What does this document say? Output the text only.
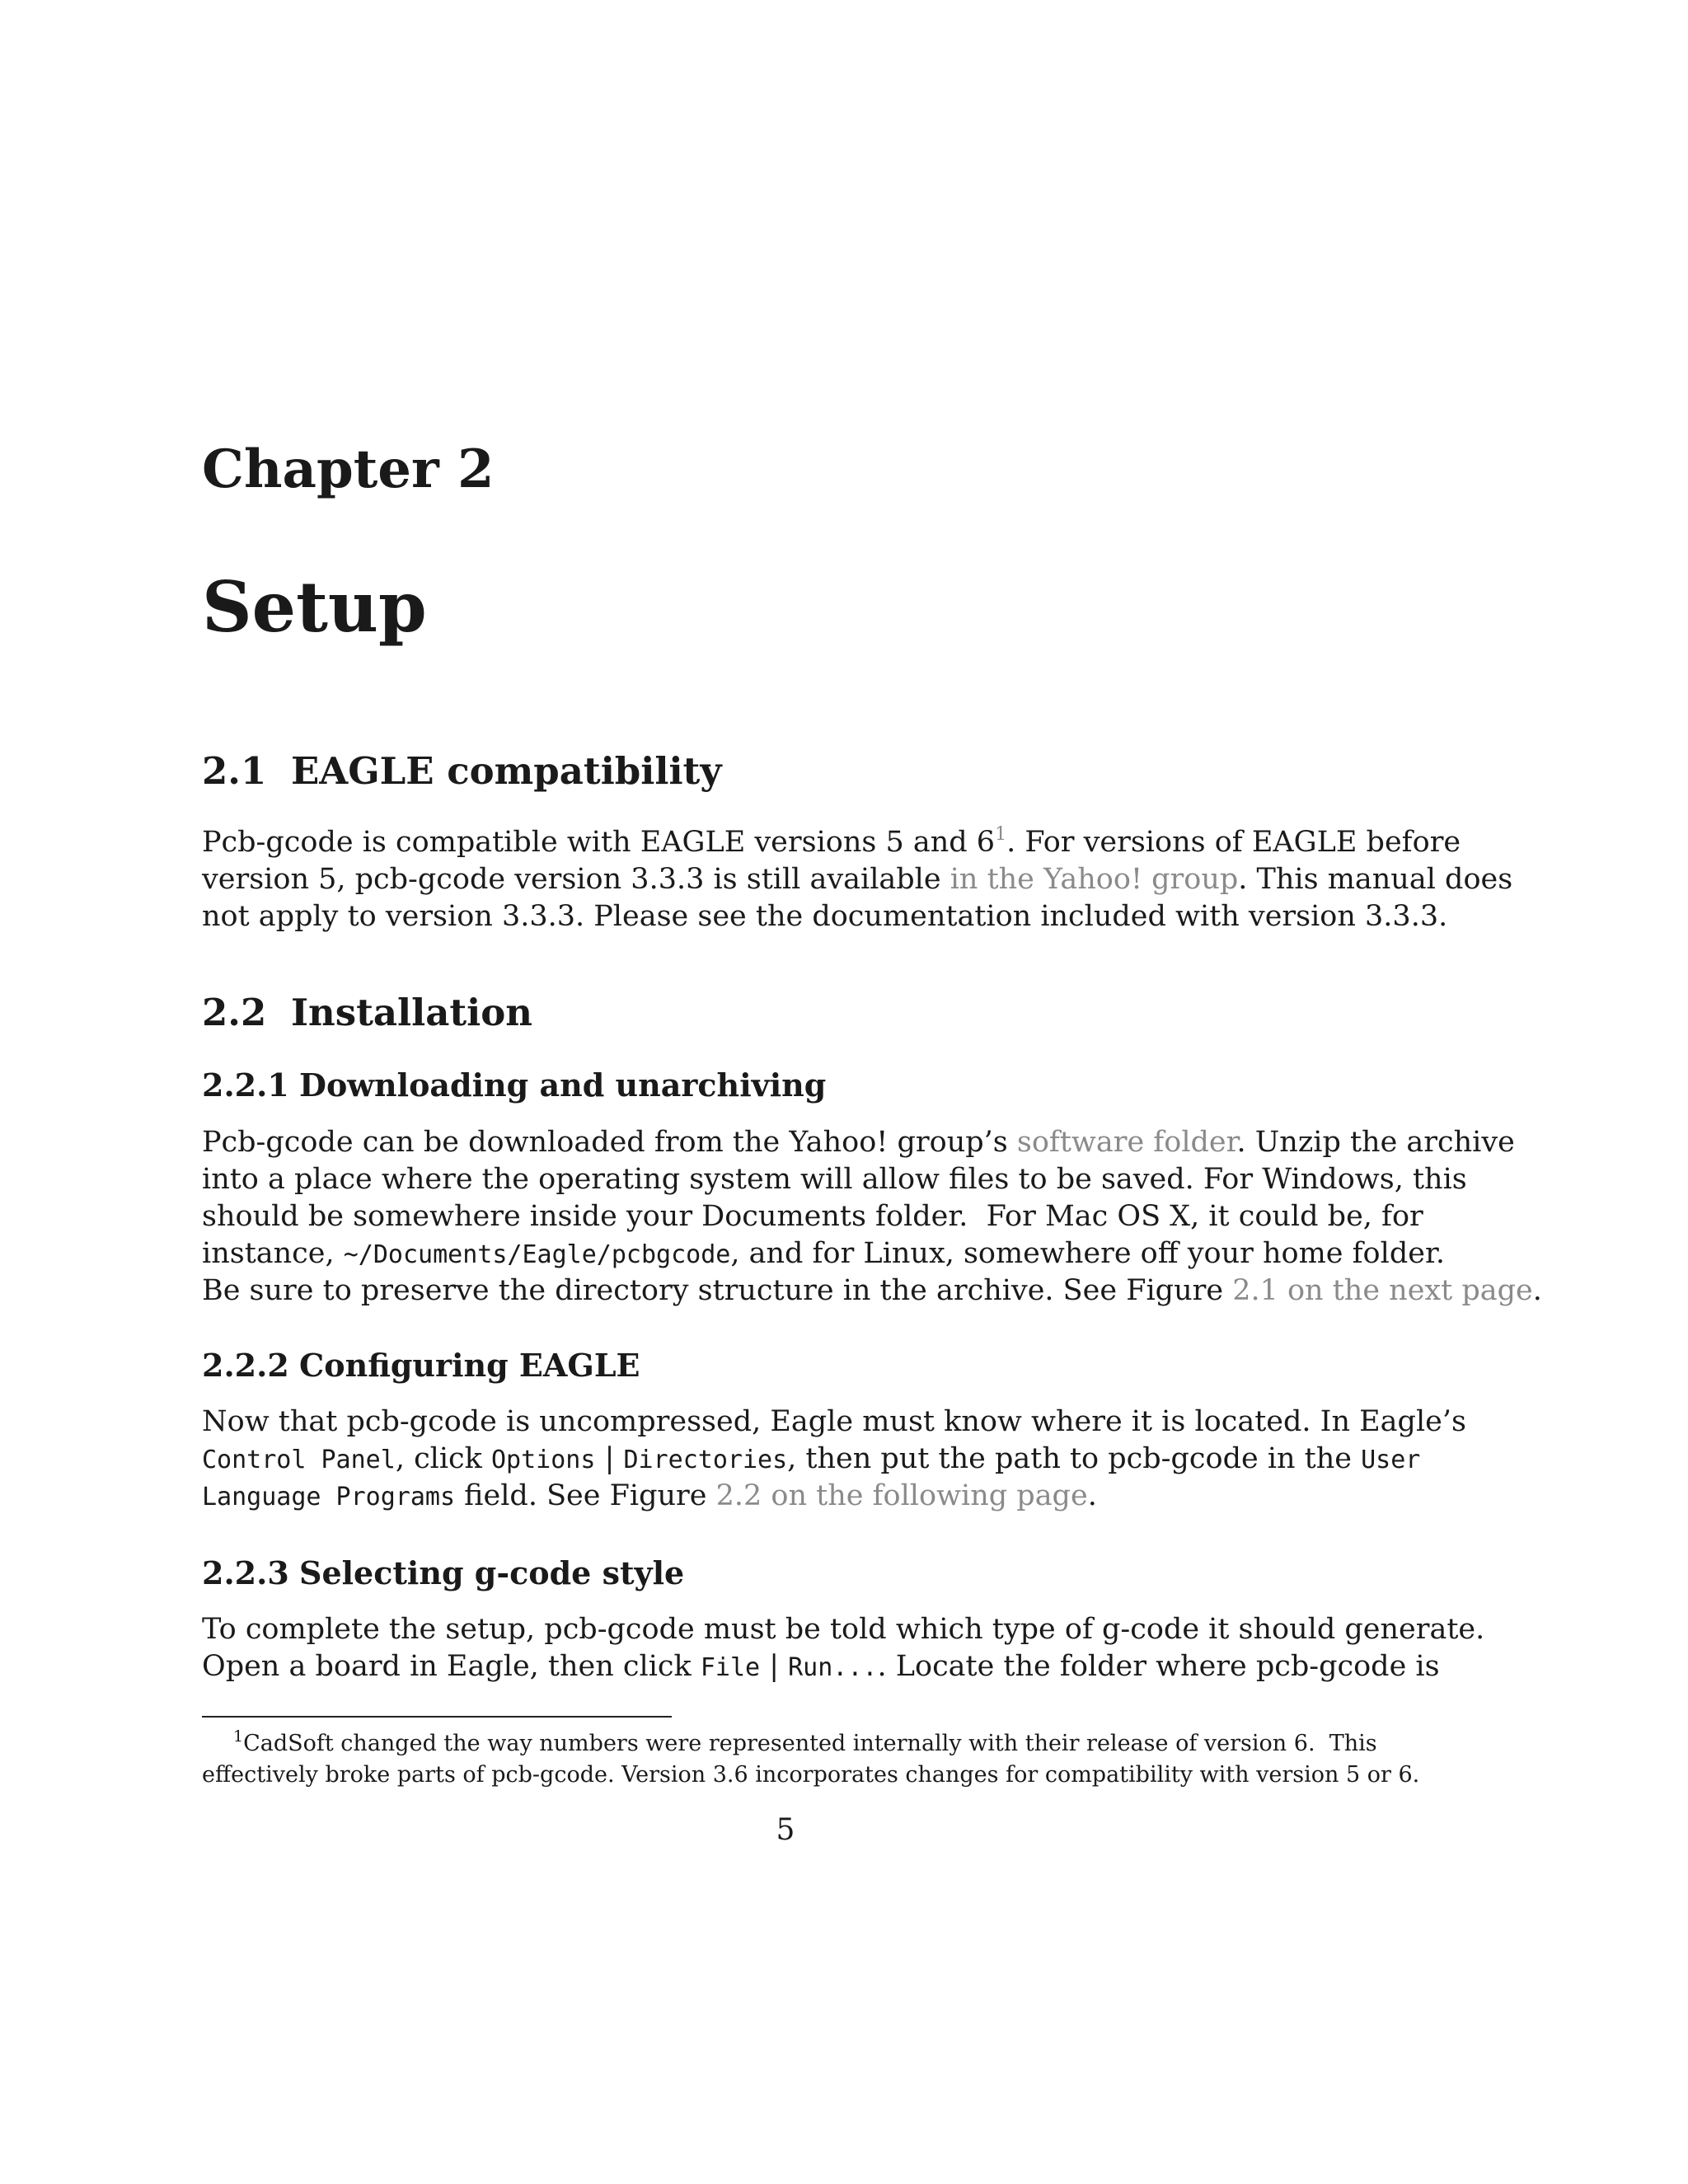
Chapter 2
Setup
2.1 EAGLE compatibility
Pcb-gcode is compatible with EAGLE versions 5 and $6^1$. For versions of EAGLE before
version 5, pcb-gcode version 3.3.3 is still available in the Yahoo! group. This manual does
not apply to version 3.3.3. Please see the documentation included with version 3.3.3.
2.2 Installation
2.2.1 Downloading and unarchiving
Pcb-gcode can be downloaded from the Yahoo! group’s software folder. Unzip the archive
into a place where the operating system will allow files to be saved. For Windows, this
should be somewhere inside your Documents folder.  For Mac OS X, it could be, for
instance, ~/Documents/Eagle/pcbgcode, and for Linux, somewhere off your home folder.
Be sure to preserve the directory structure in the archive. See Figure 2.1 on the next page.
2.2.2 Configuring EAGLE
Now that pcb-gcode is uncompressed, Eagle must know where it is located. In Eagle’s
Control Panel, click Options | Directories, then put the path to pcb-gcode in the User
Language Programs field. See Figure 2.2 on the following page.
2.2.3 Selecting g-code style
To complete the setup, pcb-gcode must be told which type of g-code it should generate.
Open a board in Eagle, then click File | Run.... Locate the folder where pcb-gcode is
$^1$CadSoft changed the way numbers were represented internally with their release of version 6.  This
effectively broke parts of pcb-gcode. Version 3.6 incorporates changes for compatibility with version 5 or 6.
5
